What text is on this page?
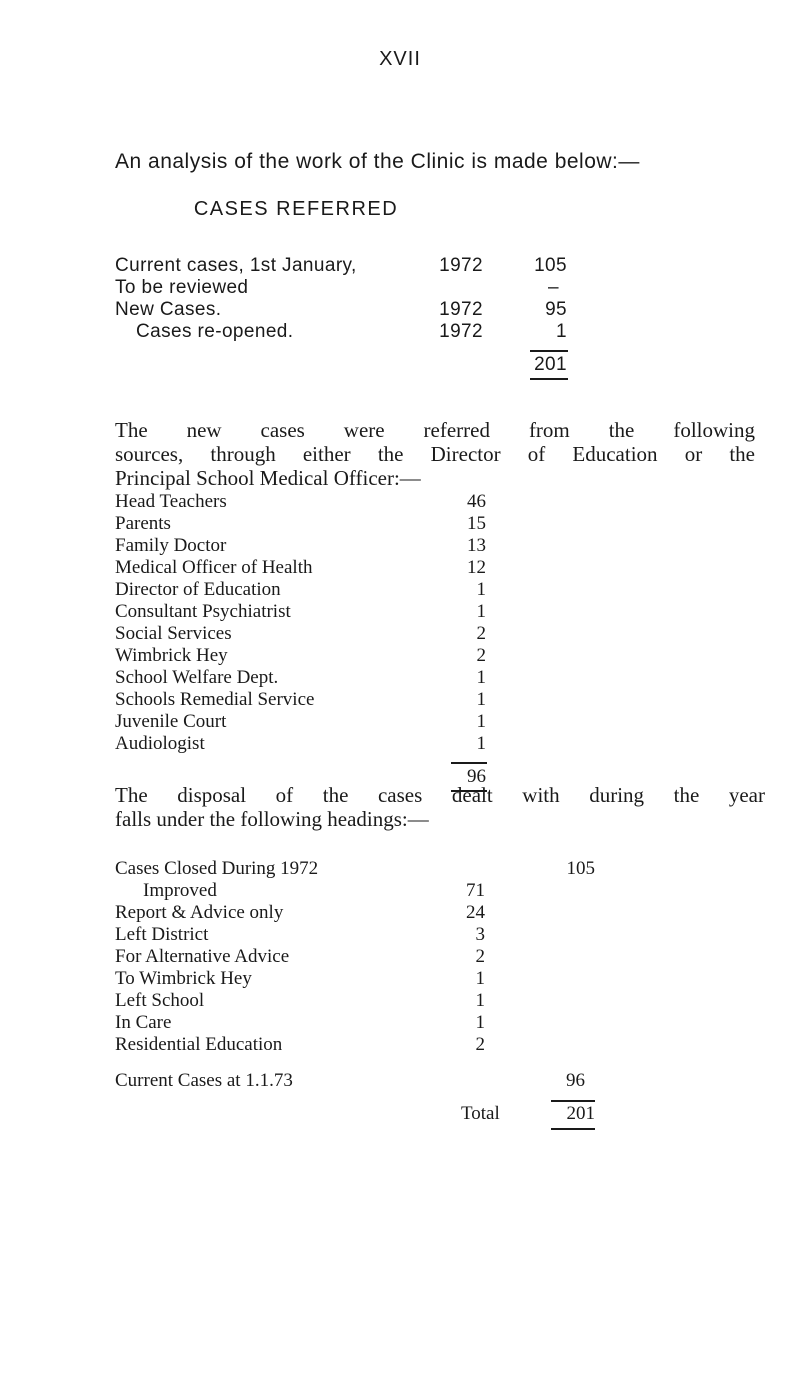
XVII
An analysis of the work of the Clinic is made below:—
CASES REFERRED
Current cases, 1st January,	1972	105
To be reviewed	–
New Cases.	1972	95
Cases re-opened.	1972	1
201
The new cases were referred from the following
sources, through either the Director of Education or the
Principal School Medical Officer:—
Head Teachers	46
Parents	15
Family Doctor	13
Medical Officer of Health	12
Director of Education	1
Consultant Psychiatrist	1
Social Services	2
Wimbrick Hey	2
School Welfare Dept.	1
Schools Remedial Service	1
Juvenile Court	1
Audiologist	1
96
The disposal of the cases dealt with during the year
falls under the following headings:—
Cases Closed During 1972	105
Improved	71
Report & Advice only	24
Left District	3
For Alternative Advice	2
To Wimbrick Hey	1
Left School	1
In Care	1
Residential Education	2
Current Cases at 1.1.73	96
Total	201
